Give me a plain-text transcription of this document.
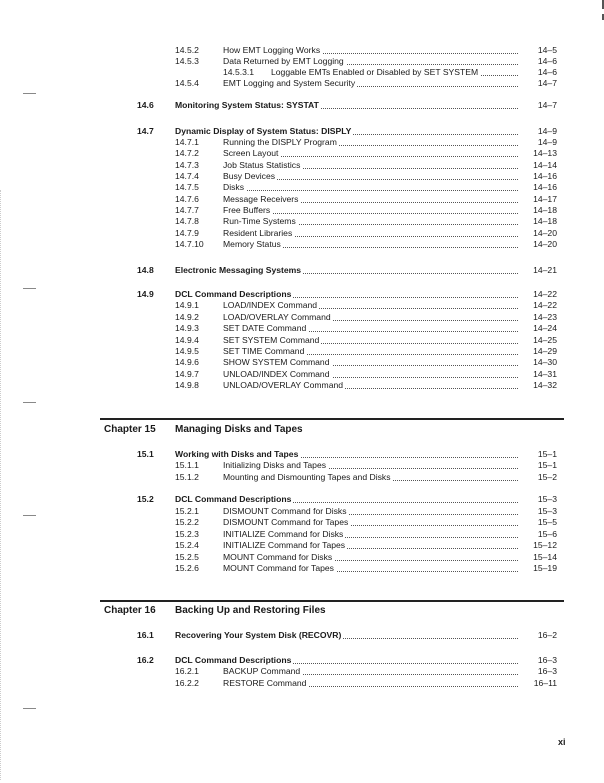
14.5.2	How EMT Logging Works	14–5
14.5.3	Data Returned by EMT Logging	14–6
14.5.3.1 Loggable EMTs Enabled or Disabled by SET SYSTEM	14–6
14.5.4	EMT Logging and System Security	14–7
14.6 Monitoring System Status: SYSTAT	14–7
14.7 Dynamic Display of System Status: DISPLY	14–9
14.7.1	Running the DISPLY Program	14–9
14.7.2	Screen Layout	14–13
14.7.3	Job Status Statistics	14–14
14.7.4	Busy Devices	14–16
14.7.5	Disks	14–16
14.7.6	Message Receivers	14–17
14.7.7	Free Buffers	14–18
14.7.8	Run-Time Systems	14–18
14.7.9	Resident Libraries	14–20
14.7.10 Memory Status	14–20
14.8 Electronic Messaging Systems	14–21
14.9 DCL Command Descriptions	14–22
14.9.1	LOAD/INDEX Command	14–22
14.9.2	LOAD/OVERLAY Command	14–23
14.9.3	SET DATE Command	14–24
14.9.4	SET SYSTEM Command	14–25
14.9.5	SET TIME Command	14–29
14.9.6	SHOW SYSTEM Command	14–30
14.9.7	UNLOAD/INDEX Command	14–31
14.9.8	UNLOAD/OVERLAY Command	14–32
Chapter 15 Managing Disks and Tapes
15.1 Working with Disks and Tapes	15–1
15.1.1	Initializing Disks and Tapes	15–1
15.1.2	Mounting and Dismounting Tapes and Disks	15–2
15.2 DCL Command Descriptions	15–3
15.2.1	DISMOUNT Command for Disks	15–3
15.2.2	DISMOUNT Command for Tapes	15–5
15.2.3	INITIALIZE Command for Disks	15–6
15.2.4	INITIALIZE Command for Tapes	15–12
15.2.5	MOUNT Command for Disks	15–14
15.2.6	MOUNT Command for Tapes	15–19
Chapter 16 Backing Up and Restoring Files
16.1 Recovering Your System Disk (RECOVR)	16–2
16.2 DCL Command Descriptions	16–3
16.2.1	BACKUP Command	16–3
16.2.2	RESTORE Command	16–11
xi
